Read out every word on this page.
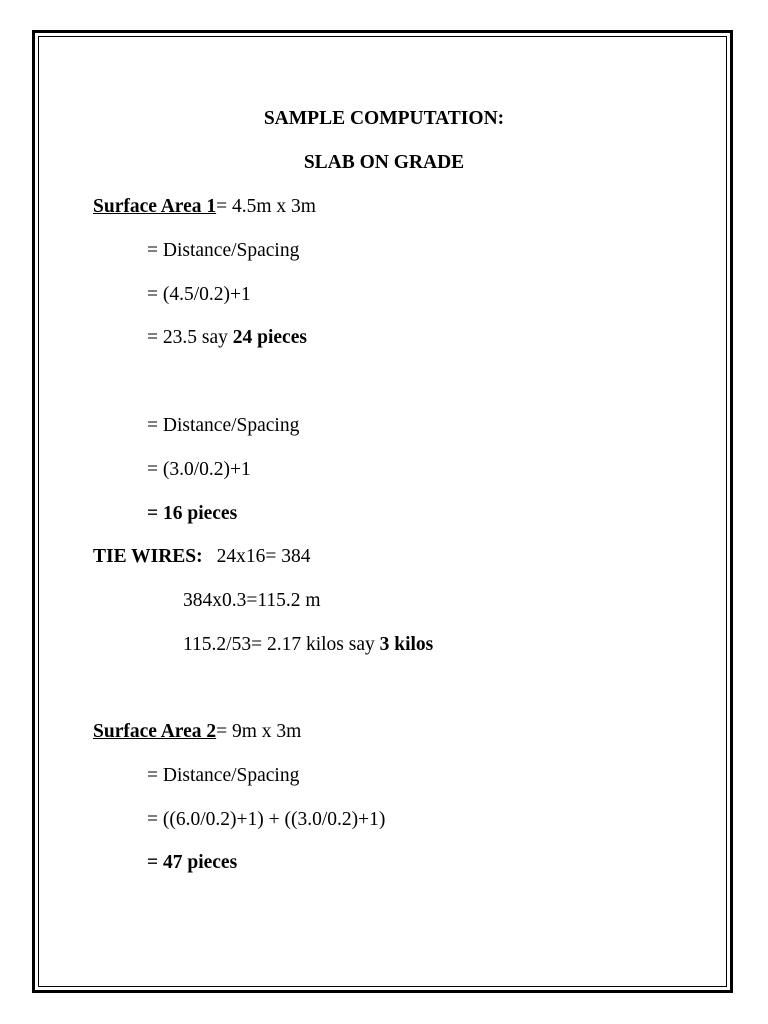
SAMPLE COMPUTATION:
SLAB ON GRADE
Surface Area 1= 4.5m x 3m
= Distance/Spacing
= (4.5/0.2)+1
= 23.5 say 24 pieces
= Distance/Spacing
= (3.0/0.2)+1
= 16 pieces
TIE WIRES: 24x16= 384
384x0.3=115.2 m
115.2/53= 2.17 kilos say 3 kilos
Surface Area 2= 9m x 3m
= Distance/Spacing
= ((6.0/0.2)+1) + ((3.0/0.2)+1)
= 47 pieces
